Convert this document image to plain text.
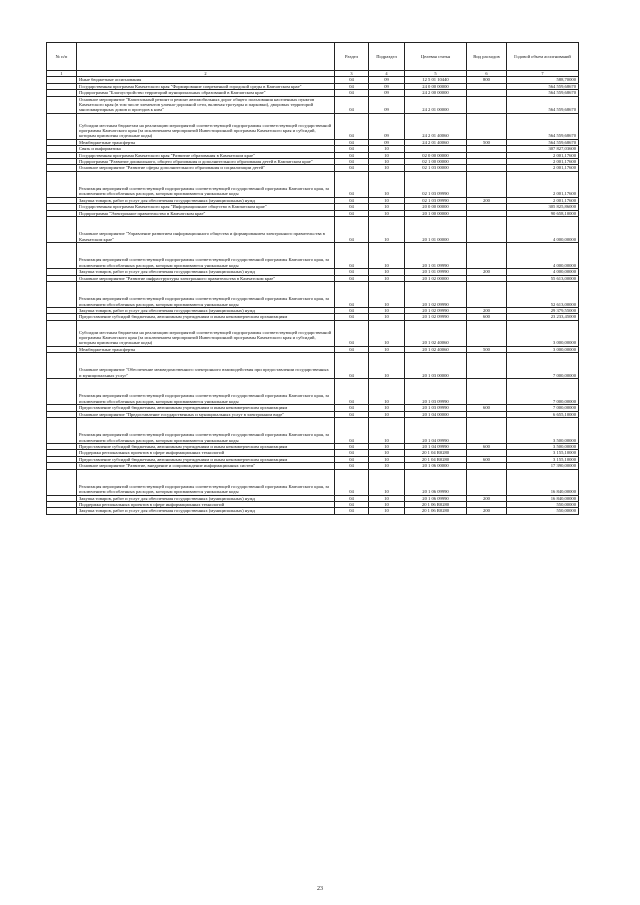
№ п/п		Раздел	Подраздел	Целевая статья	Вид расходов	Годовой объем ассигнований
1	2	3	4	5	6	7
	Иные бюджетные ассигнования	04	09	12 5 01 10440	800	588,70000
	Государственная программа Камчатского края "Формирование современной городской среды в Камчатском крае"	04	09	24 0 00 00000		564 559,68670
	Подпрограмма "Благоустройство территорий муниципальных образований в Камчатском крае"	04	09	24 2 00 00000		564 559,68670
	Основное мероприятие "Капитальный ремонт и ремонт автомобильных дорог общего пользования населенных пунктов Камчатского края (в том числе элементов улично-дорожной сети, включая тротуары и парковки), дворовых территорий многоквартирных домов и проездов к ним"	04	09	24 2 01 00000		564 559,68670
	Субсидии местным бюджетам на реализацию мероприятий соответствующей подпрограммы соответствующей государственной программы Камчатского края (за исключением мероприятий Инвестиционной программы Камчатского края и субсидий, которым присвоены отдельные коды)	04	09	24 2 01 40060		564 559,68670
	Межбюджетные трансферты	04	09	24 2 01 40060	500	564 559,68670
	Связь и информатика	04	10			307 827,03600
	Государственная программа Камчатского края "Развитие образования в Камчатском крае"	04	10	02 0 00 00000		2 001,17600
	Подпрограмма "Развитие дошкольного, общего образования и дополнительного образования детей в Камчатском крае"	04	10	02 1 00 00000		2 001,17600
	Основное мероприятие "Развитие сферы дополнительного образования и социализации детей"	04	10	02 1 03 00000		2 001,17600
	Реализация мероприятий соответствующей подпрограммы соответствующей государственной программы Камчатского края, за исключением обособленных расходов, которым присваиваются уникальные коды	04	10	02 1 03 09990		2 001,17600
	Закупка товаров, работ и услуг для обеспечения государственных (муниципальных) нужд	04	10	02 1 03 09990	200	2 001,17600
	Государственная программа Камчатского края "Информационное общество в Камчатском крае"	04	10	20 0 00 00000		305 825,86000
	Подпрограмма "Электронное правительство в Камчатском крае"	04	10	20 1 00 00000		90 658,10000
	Основное мероприятие "Управление развитием информационного общества и формированием электронного правительства в Камчатском крае"	04	10	20 1 01 00000		4 000,00000
	Реализация мероприятий соответствующей подпрограммы соответствующей государственной программы Камчатского края, за исключением обособленных расходов, которым присваиваются уникальные коды	04	10	20 1 01 09990		4 000,00000
	Закупка товаров, работ и услуг для обеспечения государственных (муниципальных) нужд	04	10	20 1 01 09990	200	4 000,00000
	Основное мероприятие "Развитие инфраструктуры электронного правительства в Камчатском крае"	04	10	20 1 02 00000		55 613,00000
	Реализация мероприятий соответствующей подпрограммы соответствующей государственной программы Камчатского края, за исключением обособленных расходов, которым присваиваются уникальные коды	04	10	20 1 02 09990		52 613,00000
	Закупка товаров, работ и услуг для обеспечения государственных (муниципальных) нужд	04	10	20 1 02 09990	200	29 379,55000
	Предоставление субсидий бюджетным, автономным учреждениям и иным некоммерческим организациям	04	10	20 1 02 09990	600	23 233,45000
	Субсидии местным бюджетам на реализацию мероприятий соответствующей подпрограммы соответствующей государственной программы Камчатского края (за исключением мероприятий Инвестиционной программы Камчатского края и субсидий, которым присвоены отдельные коды)	04	10	20 1 02 40060		3 000,00000
	Межбюджетные трансферты	04	10	20 1 02 40060	500	3 000,00000
	Основное мероприятие "Обеспечение межведомственного электронного взаимодействия при предоставлении государственных и муниципальных услуг"	04	10	20 1 03 00000		7 000,00000
	Реализация мероприятий соответствующей подпрограммы соответствующей государственной программы Камчатского края, за исключением обособленных расходов, которым присваиваются уникальные коды	04	10	20 1 03 09990		7 000,00000
	Предоставление субсидий бюджетным, автономным учреждениям и иным некоммерческим организациям	04	10	20 1 03 09990	600	7 000,00000
	Основное мероприятие "Предоставление государственных и муниципальных услуг в электронном виде"	04	10	20 1 04 00000		6 655,10000
	Реализация мероприятий соответствующей подпрограммы соответствующей государственной программы Камчатского края, за исключением обособленных расходов, которым присваиваются уникальные коды	04	10	20 1 04 09990		3 500,00000
	Предоставление субсидий бюджетным, автономным учреждениям и иным некоммерческим организациям	04	10	20 1 04 09990	600	3 500,00000
	Поддержка региональных проектов в сфере информационных технологий	04	10	20 1 04 R0280		3 155,10000
	Предоставление субсидий бюджетным, автономным учреждениям и иным некоммерческим организациям	04	10	20 1 04 R0280	600	3 155,10000
	Основное мероприятие "Развитие, внедрение и сопровождение информационных систем"	04	10	20 1 06 00000		17 390,00000
	Реализация мероприятий соответствующей подпрограммы соответствующей государственной программы Камчатского края, за исключением обособленных расходов, которым присваиваются уникальные коды	04	10	20 1 06 09990		16 840,00000
	Закупка товаров, работ и услуг для обеспечения государственных (муниципальных) нужд	04	10	20 1 06 09990	200	16 840,00000
	Поддержка региональных проектов в сфере информационных технологий	04	10	20 1 06 R0280		550,00000
	Закупка товаров, работ и услуг для обеспечения государственных (муниципальных) нужд	04	10	20 1 06 R0280	200	550,00000
23
